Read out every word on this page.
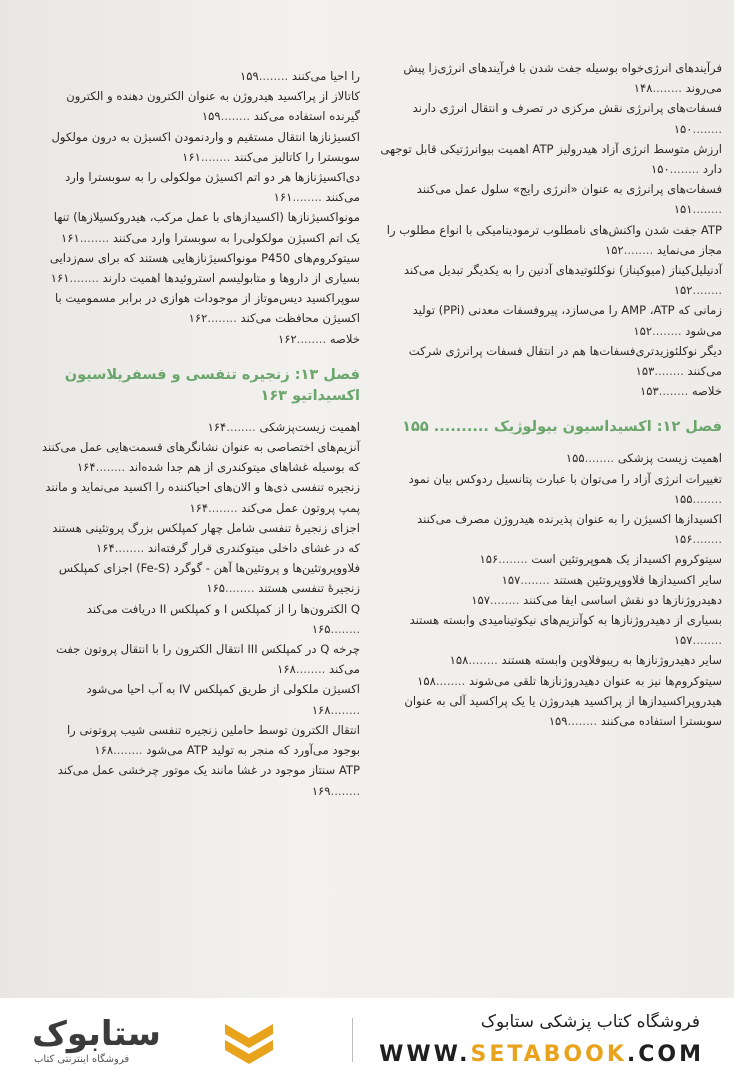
فرآیندهای انرژی‌خواه بوسیله جفت شدن با فرآیندهای انرژی‌زا پیش می‌روند ........ ۱۴۸
فسفات‌های پرانرژی نقش مرکزی در تصرف و انتقال انرژی دارند ........ ۱۵۰
ارزش متوسط انرژی آزاد هیدرولیز ATP اهمیت بیوانرژتیکی قابل توجهی دارد ........ ۱۵۰
فسفات‌های پرانرژی به عنوان «انرژی رایج» سلول عمل می‌کنند ........ ۱۵۱
ATP جفت شدن واکنش‌های نامطلوب ترمودینامیکی با انواع مطلوب را مجاز می‌نماید ........ ۱۵۲
آدنیلیل‌کیناز (میوکیناز) نوکلئوتیدهای آدنین را به یکدیگر تبدیل می‌کند ........ ۱۵۲
زمانی که AMP ،ATP را می‌سازد، پیروفسفات معدنی (PPi) تولید می‌شود ........ ۱۵۲
دیگر نوکلئوزیدتری‌فسفات‌ها هم در انتقال فسفات پرانرژی شرکت می‌کنند ........ ۱۵۳
خلاصه ........ ۱۵۳
فصل ۱۲: اکسیداسیون بیولوژیک .......... ۱۵۵
اهمیت زیست پزشکی ........ ۱۵۵
تغییرات انرژی آزاد را می‌توان با عبارت پتانسیل ردوکس بیان نمود ........ ۱۵۵
اکسیدازها اکسیژن را به عنوان پذیرنده هیدروژن مصرف می‌کنند ........ ۱۵۶
سیتوکروم اکسیداز یک هموپروتئین است ........ ۱۵۶
سایر اکسیدازها فلاووپروتئین هستند ........ ۱۵۷
دهیدروژنازها دو نقش اساسی ایفا می‌کنند ........ ۱۵۷
بسیاری از دهیدروژنازها به کوآنزیم‌های نیکوتینامیدی وابسته هستند ........ ۱۵۷
سایر دهیدروژنازها به ریبوفلاوین وابسته هستند ........ ۱۵۸
سیتوکروم‌ها نیز به عنوان دهیدروژنازها تلقی می‌شوند ........ ۱۵۸
هیدروپراکسیدازها از پراکسید هیدروژن یا یک پراکسید آلی به عنوان سوبسترا استفاده می‌کنند ........ ۱۵۹
را احیا می‌کنند ........ ۱۵۹
کاتالاز از پراکسید هیدروژن به عنوان الکترون دهنده و الکترون گیرنده استفاده می‌کند ........ ۱۵۹
اکسیژنازها انتقال مستقیم و واردنمودن اکسیژن به درون مولکول سوبسترا را کاتالیز می‌کنند ........ ۱۶۱
دی‌اکسیژنازها هر دو اتم اکسیژن مولکولی را به سوبسترا وارد می‌کنند ........ ۱۶۱
مونواکسیژنازها (اکسیدازهای با عمل مرکب، هیدروکسیلازها) تنها یک اتم اکسیژن مولکولی‌را به سوبسترا وارد می‌کنند ........ ۱۶۱
سیتوکروم‌های P450 مونواکسیژنازهایی هستند که برای سم‌زدایی بسیاری از داروها و متابولیسم استروئیدها اهمیت دارند ........ ۱۶۱
سوپراکسید دیس‌موتاز از موجودات هوازی در برابر مسمومیت با اکسیژن محافظت می‌کند ........ ۱۶۲
خلاصه ........ ۱۶۲
فصل ۱۳: زنجیره تنفسی و فسفریلاسیون اکسیداتیو ۱۶۳
اهمیت زیست‌پزشکی ........ ۱۶۴
آنزیم‌های اختصاصی به عنوان نشانگرهای قسمت‌هایی عمل می‌کنند که بوسیله غشاهای میتوکندری از هم جدا شده‌اند ........ ۱۶۴
زنجیره تنفسی ذی‌ها و الان‌های احیاکننده را اکسید می‌نماید و مانند پمپ پروتون عمل می‌کند ........ ۱۶۴
اجزای زنجیرۀ تنفسی شامل چهار کمپلکس بزرگ پروتئینی هستند که در غشای داخلی میتوکندری قرار گرفته‌اند ........ ۱۶۴
فلاووپروتئین‌ها و پروتئین‌ها آهن - گوگرد (Fe-S) اجزای کمپلکس زنجیرۀ تنفسی هستند ........ ۱۶۵
Q الکترون‌ها را از کمپلکس I و کمپلکس II دریافت می‌کند ........ ۱۶۵
چرخه Q در کمپلکس III انتقال الکترون را با انتقال پروتون جفت می‌کند ........ ۱۶۸
اکسیژن ملکولی از طریق کمپلکس IV به آب احیا می‌شود ........ ۱۶۸
انتقال الکترون توسط حاملین زنجیره تنفسی شیب پروتونی را بوجود می‌آورد که منجر به تولید ATP می‌شود ........ ۱۶۸
ATP سنتاز موجود در غشا مانند یک موتور چرخشی عمل می‌کند ........ ۱۶۹
ستابوک
فروشگاه اینترنتی کتاب
فروشگاه کتاب پزشکی ستابوک
WWW.SETABOOK.COM
